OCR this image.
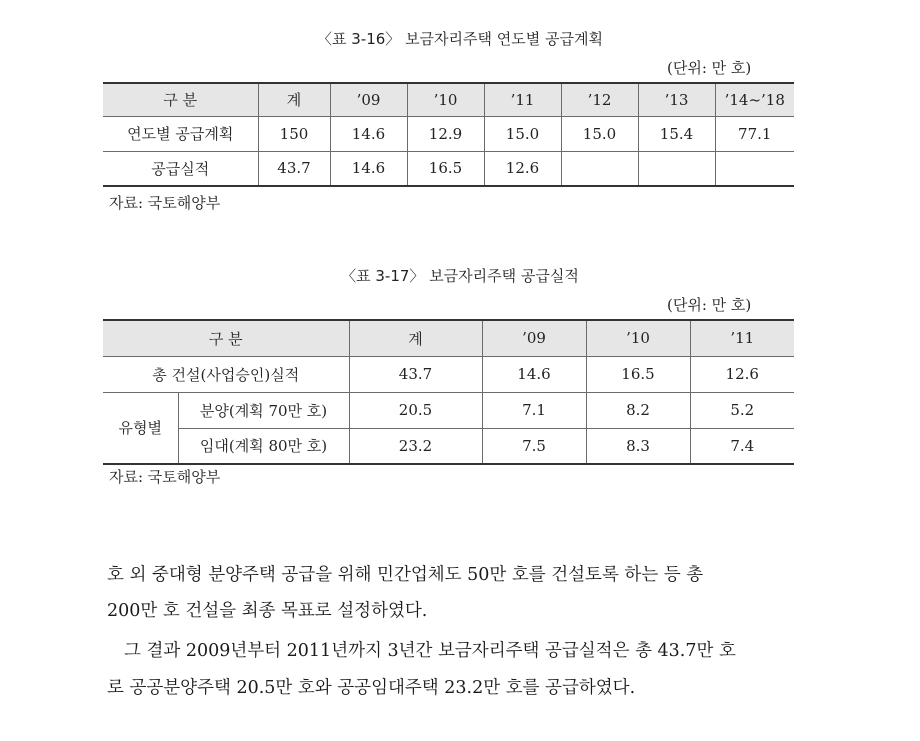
〈표 3-16〉 보금자리주택 연도별 공급계획
(단위: 만 호)
구 분	계	’09	’10	’11	’12	’13	’14~’18
연도별 공급계획	150	14.6	12.9	15.0	15.0	15.4	77.1
공급실적	43.7	14.6	16.5	12.6			
자료: 국토해양부
〈표 3-17〉 보금자리주택 공급실적
(단위: 만 호)
구 분		계	’09	’10	’11
총 건설(사업승인)실적		43.7	14.6	16.5	12.6
유형별	분양(계획 70만 호)	20.5	7.1	8.2	5.2
	임대(계획 80만 호)	23.2	7.5	8.3	7.4
자료: 국토해양부
호 외 중대형 분양주택 공급을 위해 민간업체도 50만 호를 건설토록 하는 등 총
200만 호 건설을 최종 목표로 설정하였다.
그 결과 2009년부터 2011년까지 3년간 보금자리주택 공급실적은 총 43.7만 호
로 공공분양주택 20.5만 호와 공공임대주택 23.2만 호를 공급하였다.
